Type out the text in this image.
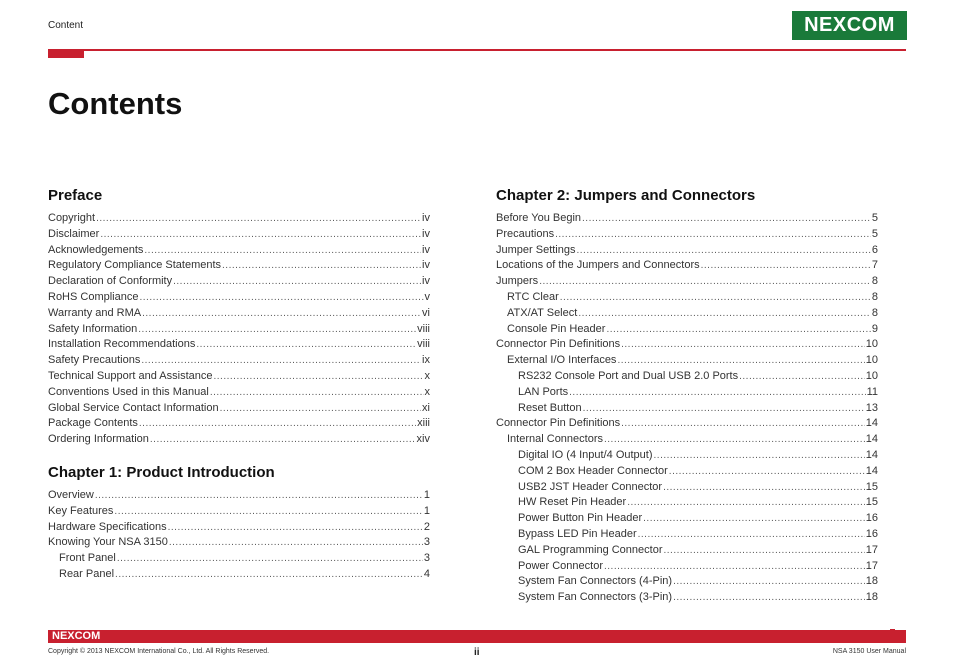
Content	NEXCOM
Contents
Preface
Copyright .....	iv
Disclaimer .....	iv
Acknowledgements .....	iv
Regulatory Compliance Statements .....	iv
Declaration of Conformity .....	iv
RoHS Compliance .....	v
Warranty and RMA .....	vi
Safety Information .....	viii
Installation Recommendations .....	viii
Safety Precautions .....	ix
Technical Support and Assistance .....	x
Conventions Used in this Manual .....	x
Global Service Contact Information .....	xi
Package Contents .....	xiii
Ordering Information .....	xiv
Chapter 1: Product Introduction
Overview .....	1
Key Features .....	1
Hardware Specifications .....	2
Knowing Your NSA 3150 .....	3
Front Panel .....	3
Rear Panel .....	4
Chapter 2: Jumpers and Connectors
Before You Begin .....	5
Precautions .....	5
Jumper Settings .....	6
Locations of the Jumpers and Connectors .....	7
Jumpers .....	8
RTC Clear .....	8
ATX/AT Select .....	8
Console Pin Header .....	9
Connector Pin Definitions .....	10
External I/O Interfaces .....	10
RS232 Console Port and Dual USB 2.0 Ports .....	10
LAN Ports .....	11
Reset Button .....	13
Connector Pin Definitions .....	14
Internal Connectors .....	14
Digital IO (4 Input/4 Output) .....	14
COM 2 Box Header Connector .....	14
USB2 JST Header Connector .....	15
HW Reset Pin Header .....	15
Power Button Pin Header .....	16
Bypass LED Pin Header .....	16
GAL Programming Connector .....	17
Power Connector .....	17
System Fan Connectors (4-Pin) .....	18
System Fan Connectors (3-Pin) .....	18
NEXCOM
Copyright © 2013 NEXCOM International Co., Ltd. All Rights Reserved.	ii	NSA 3150 User Manual
